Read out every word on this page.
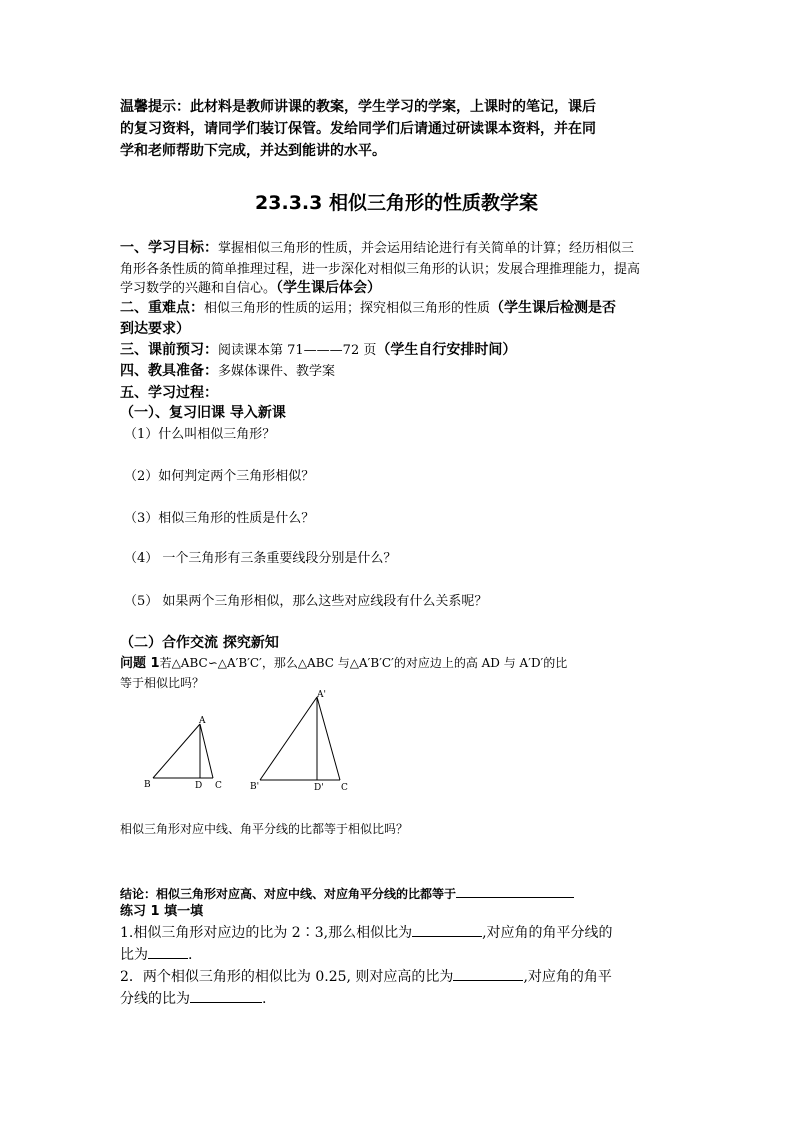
温馨提示：此材料是教师讲课的教案，学生学习的学案，上课时的笔记，课后
的复习资料，请同学们装订保管。发给同学们后请通过研读课本资料，并在同
学和老师帮助下完成，并达到能讲的水平。
23.3.3 相似三角形的性质教学案
一、学习目标：掌握相似三角形的性质，并会运用结论进行有关简单的计算；经历相似三
角形各条性质的简单推理过程，进一步深化对相似三角形的认识；发展合理推理能力，提高
学习数学的兴趣和自信心。（学生课后体会）
二、重难点：相似三角形的性质的运用；探究相似三角形的性质（学生课后检测是否
到达要求）
三、课前预习：阅读课本第 71———72 页（学生自行安排时间）
四、教具准备：多媒体课件、教学案
五、学习过程：
（一）、复习旧课 导入新课
（1）什么叫相似三角形？
（2）如何判定两个三角形相似？
（3）相似三角形的性质是什么？
（4） 一个三角形有三条重要线段分别是什么？
（5） 如果两个三角形相似，那么这些对应线段有什么关系呢？
（二）合作交流 探究新知
问题 1若△ABC∽△A′B′C′，那么△ABC 与△A′B′C′的对应边上的高 AD 与 A′D′的比
等于相似比吗？
A
B	D C
A'
B'	D' C
相似三角形对应中线、角平分线的比都等于相似比吗？
结论：相似三角形对应高、对应中线、对应角平分线的比都等于
练习 1 填一填
1.相似三角形对应边的比为 2∶3,那么相似比为	,对应角的角平分线的
比为	.
2．两个相似三角形的相似比为 0.25, 则对应高的比为	,对应角的角平
分线的比为	.
